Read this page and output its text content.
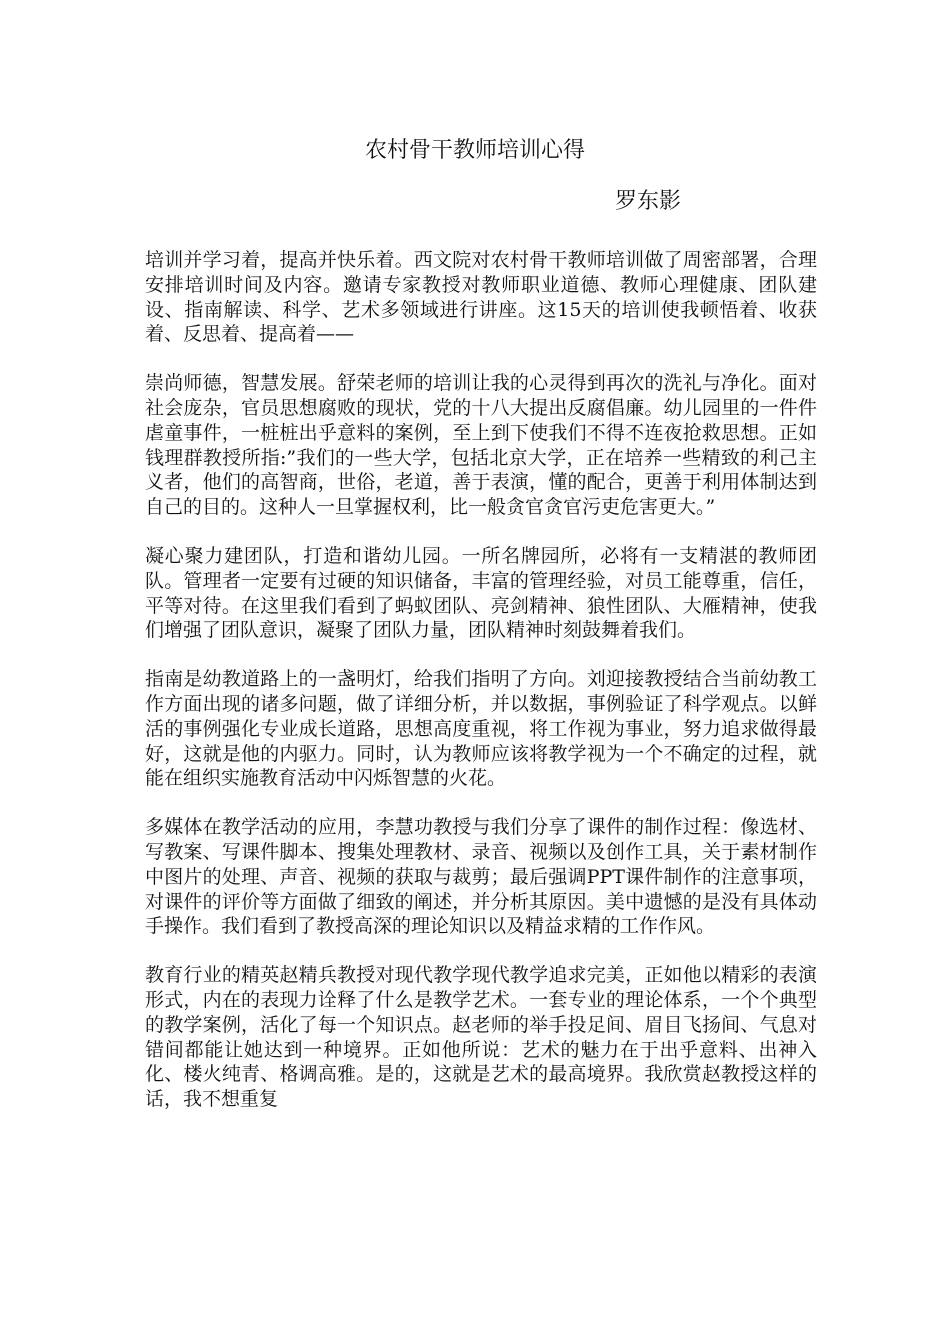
农村骨干教师培训心得
罗东影

培训并学习着，提高并快乐着。西文院对农村骨干教师培训做了周密部署，合理安排培训时间及内容。邀请专家教授对教师职业道德、教师心理健康、团队建设、指南解读、科学、艺术多领域进行讲座。这15天的培训使我顿悟着、收获着、反思着、提高着——

崇尚师德，智慧发展。舒荣老师的培训让我的心灵得到再次的洗礼与净化。面对社会庞杂，官员思想腐败的现状，党的十八大提出反腐倡廉。幼儿园里的一件件虐童事件，一桩桩出乎意料的案例，至上到下使我们不得不连夜抢救思想。正如钱理群教授所指:”我们的一些大学，包括北京大学，正在培养一些精致的利己主义者，他们的高智商，世俗，老道，善于表演，懂的配合，更善于利用体制达到自己的目的。这种人一旦掌握权利，比一般贪官贪官污吏危害更大。”

凝心聚力建团队，打造和谐幼儿园。一所名牌园所，必将有一支精湛的教师团队。管理者一定要有过硬的知识储备，丰富的管理经验，对员工能尊重，信任，平等对待。在这里我们看到了蚂蚁团队、亮剑精神、狼性团队、大雁精神，使我们增强了团队意识，凝聚了团队力量，团队精神时刻鼓舞着我们。

指南是幼教道路上的一盏明灯，给我们指明了方向。刘迎接教授结合当前幼教工作方面出现的诸多问题，做了详细分析，并以数据，事例验证了科学观点。以鲜活的事例强化专业成长道路，思想高度重视，将工作视为事业，努力追求做得最好，这就是他的内驱力。同时，认为教师应该将教学视为一个不确定的过程，就能在组织实施教育活动中闪烁智慧的火花。

多媒体在教学活动的应用，李慧功教授与我们分享了课件的制作过程：像选材、写教案、写课件脚本、搜集处理教材、录音、视频以及创作工具，关于素材制作中图片的处理、声音、视频的获取与裁剪；最后强调PPT课件制作的注意事项，对课件的评价等方面做了细致的阐述，并分析其原因。美中遗憾的是没有具体动手操作。我们看到了教授高深的理论知识以及精益求精的工作作风。

教育行业的精英赵精兵教授对现代教学现代教学追求完美，正如他以精彩的表演形式，内在的表现力诠释了什么是教学艺术。一套专业的理论体系，一个个典型的教学案例，活化了每一个知识点。赵老师的举手投足间、眉目飞扬间、气息对错间都能让她达到一种境界。正如他所说：艺术的魅力在于出乎意料、出神入化、楼火纯青、格调高雅。是的，这就是艺术的最高境界。我欣赏赵教授这样的话，我不想重复
